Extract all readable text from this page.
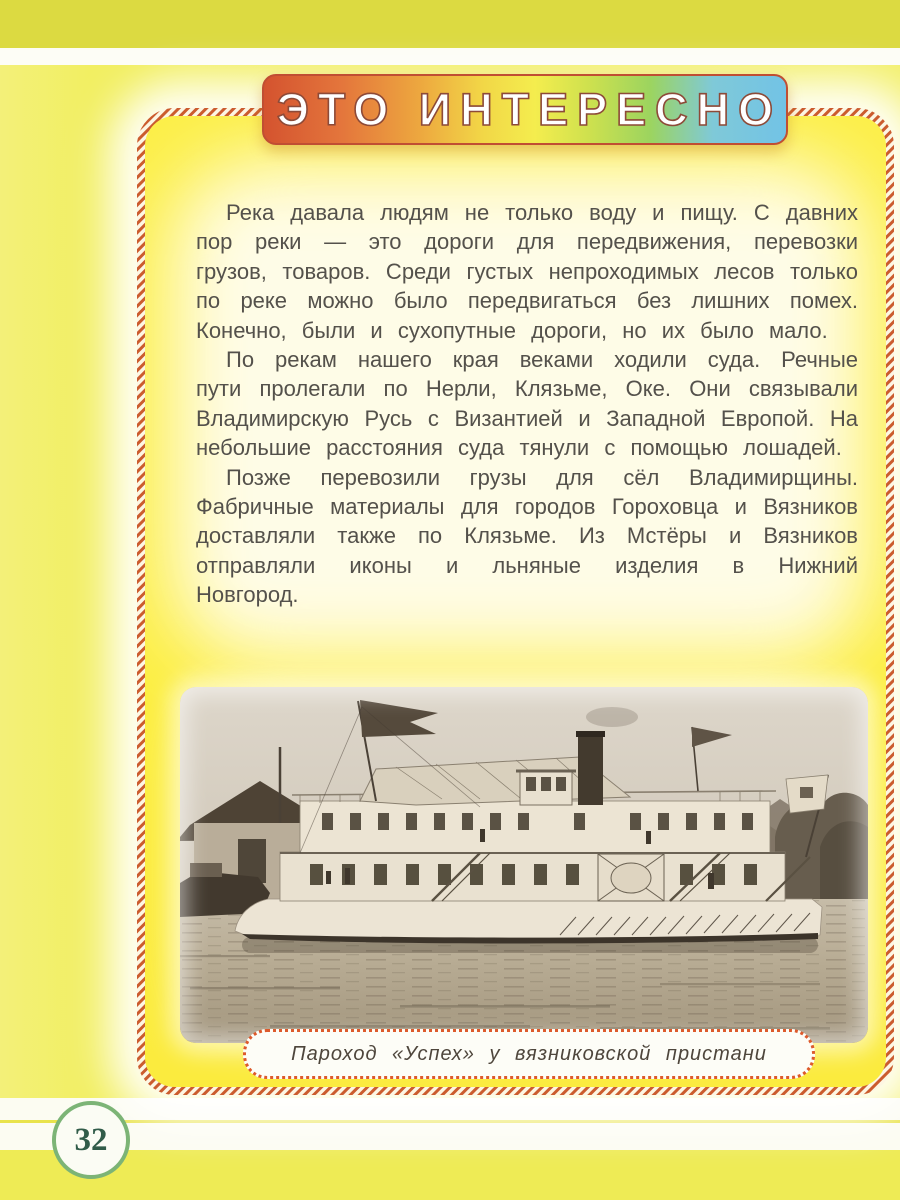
Река давала людям не только воду и пищу. С давних пор реки — это дороги для передвижения, перевозки грузов, товаров. Среди густых непроходимых лесов только по реке можно было передвигаться без лишних помех. Конечно, были и сухопутные дороги, но их было мало.

По рекам нашего края веками ходили суда. Речные пути пролегали по Нерли, Клязьме, Оке. Они связывали Владимирскую Русь с Византией и Западной Европой. На небольшие расстояния суда тянули с помощью лошадей.

Позже перевозили грузы для сёл Владимирщины. Фабричные материалы для городов Гороховца и Вязников доставляли также по Клязьме. Из Мстёры и Вязников отправляли иконы и льняные изделия в Нижний Новгород.

Пароход «Успех» у вязниковской пристани
ЭТО ИНТЕРЕСНО
32
